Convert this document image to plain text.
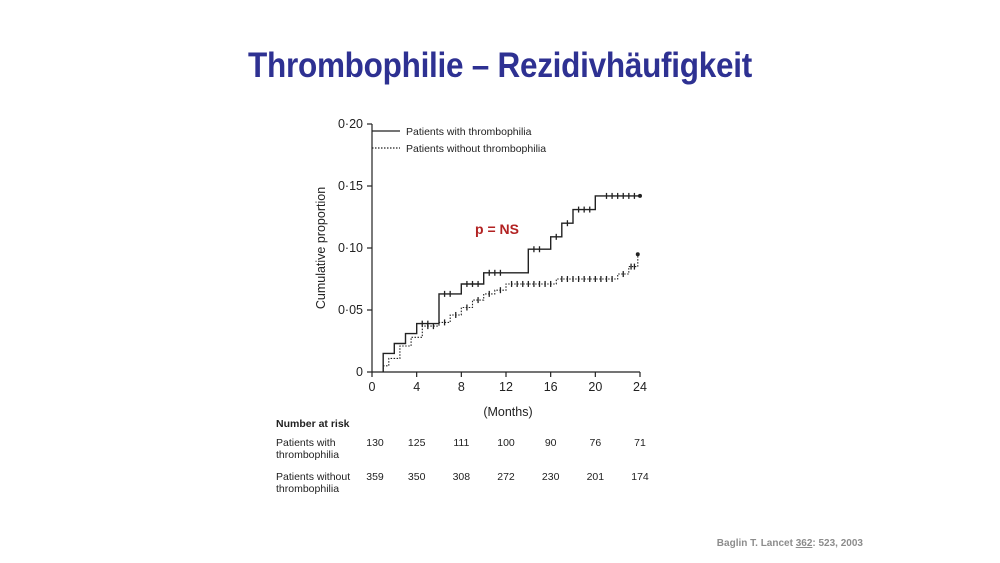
Thrombophilie – Rezidivhäufigkeit
0
0·05
0·10
0·15
0·20
0	4	8	12 16 20 24
Patients with thrombophilia
Patients without thrombophilia
p = NS
(Months)
Cumulative proportion
Number at risk
Patients with
thrombophilia
130	125	111	100	90	76	71
Patients without
thrombophilia
359	350	308	272	230	201	174
Baglin T. Lancet 362: 523, 2003
